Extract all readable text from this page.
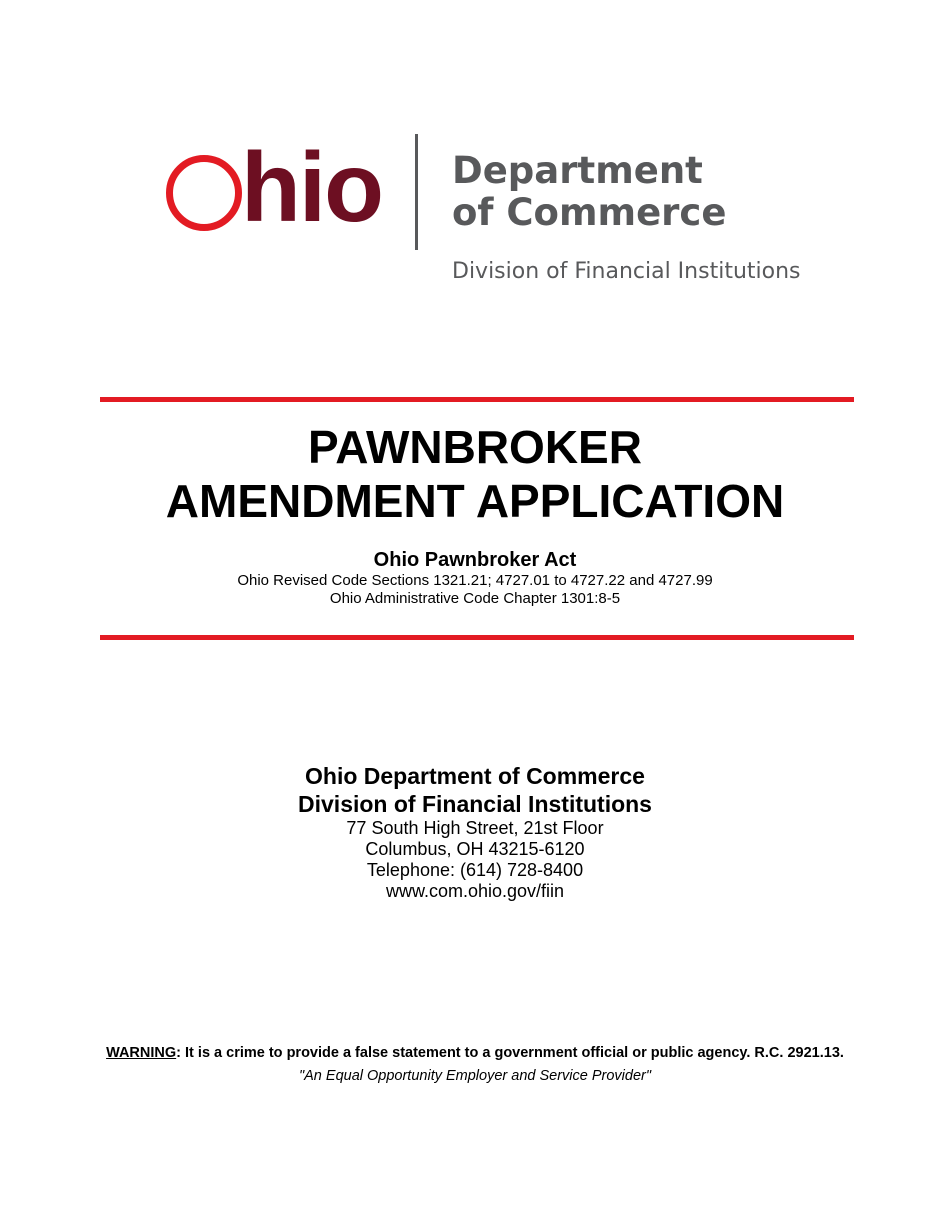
hio Department
of Commerce
Division of Financial Institutions
PAWNBROKER
AMENDMENT APPLICATION
Ohio Pawnbroker Act
Ohio Revised Code Sections 1321.21; 4727.01 to 4727.22 and 4727.99
Ohio Administrative Code Chapter 1301:8-5
Ohio Department of Commerce
Division of Financial Institutions
77 South High Street, 21st Floor
Columbus, OH 43215-6120
Telephone: (614) 728-8400
www.com.ohio.gov/fiin
WARNING: It is a crime to provide a false statement to a government official or public agency. R.C. 2921.13.
"An Equal Opportunity Employer and Service Provider"
